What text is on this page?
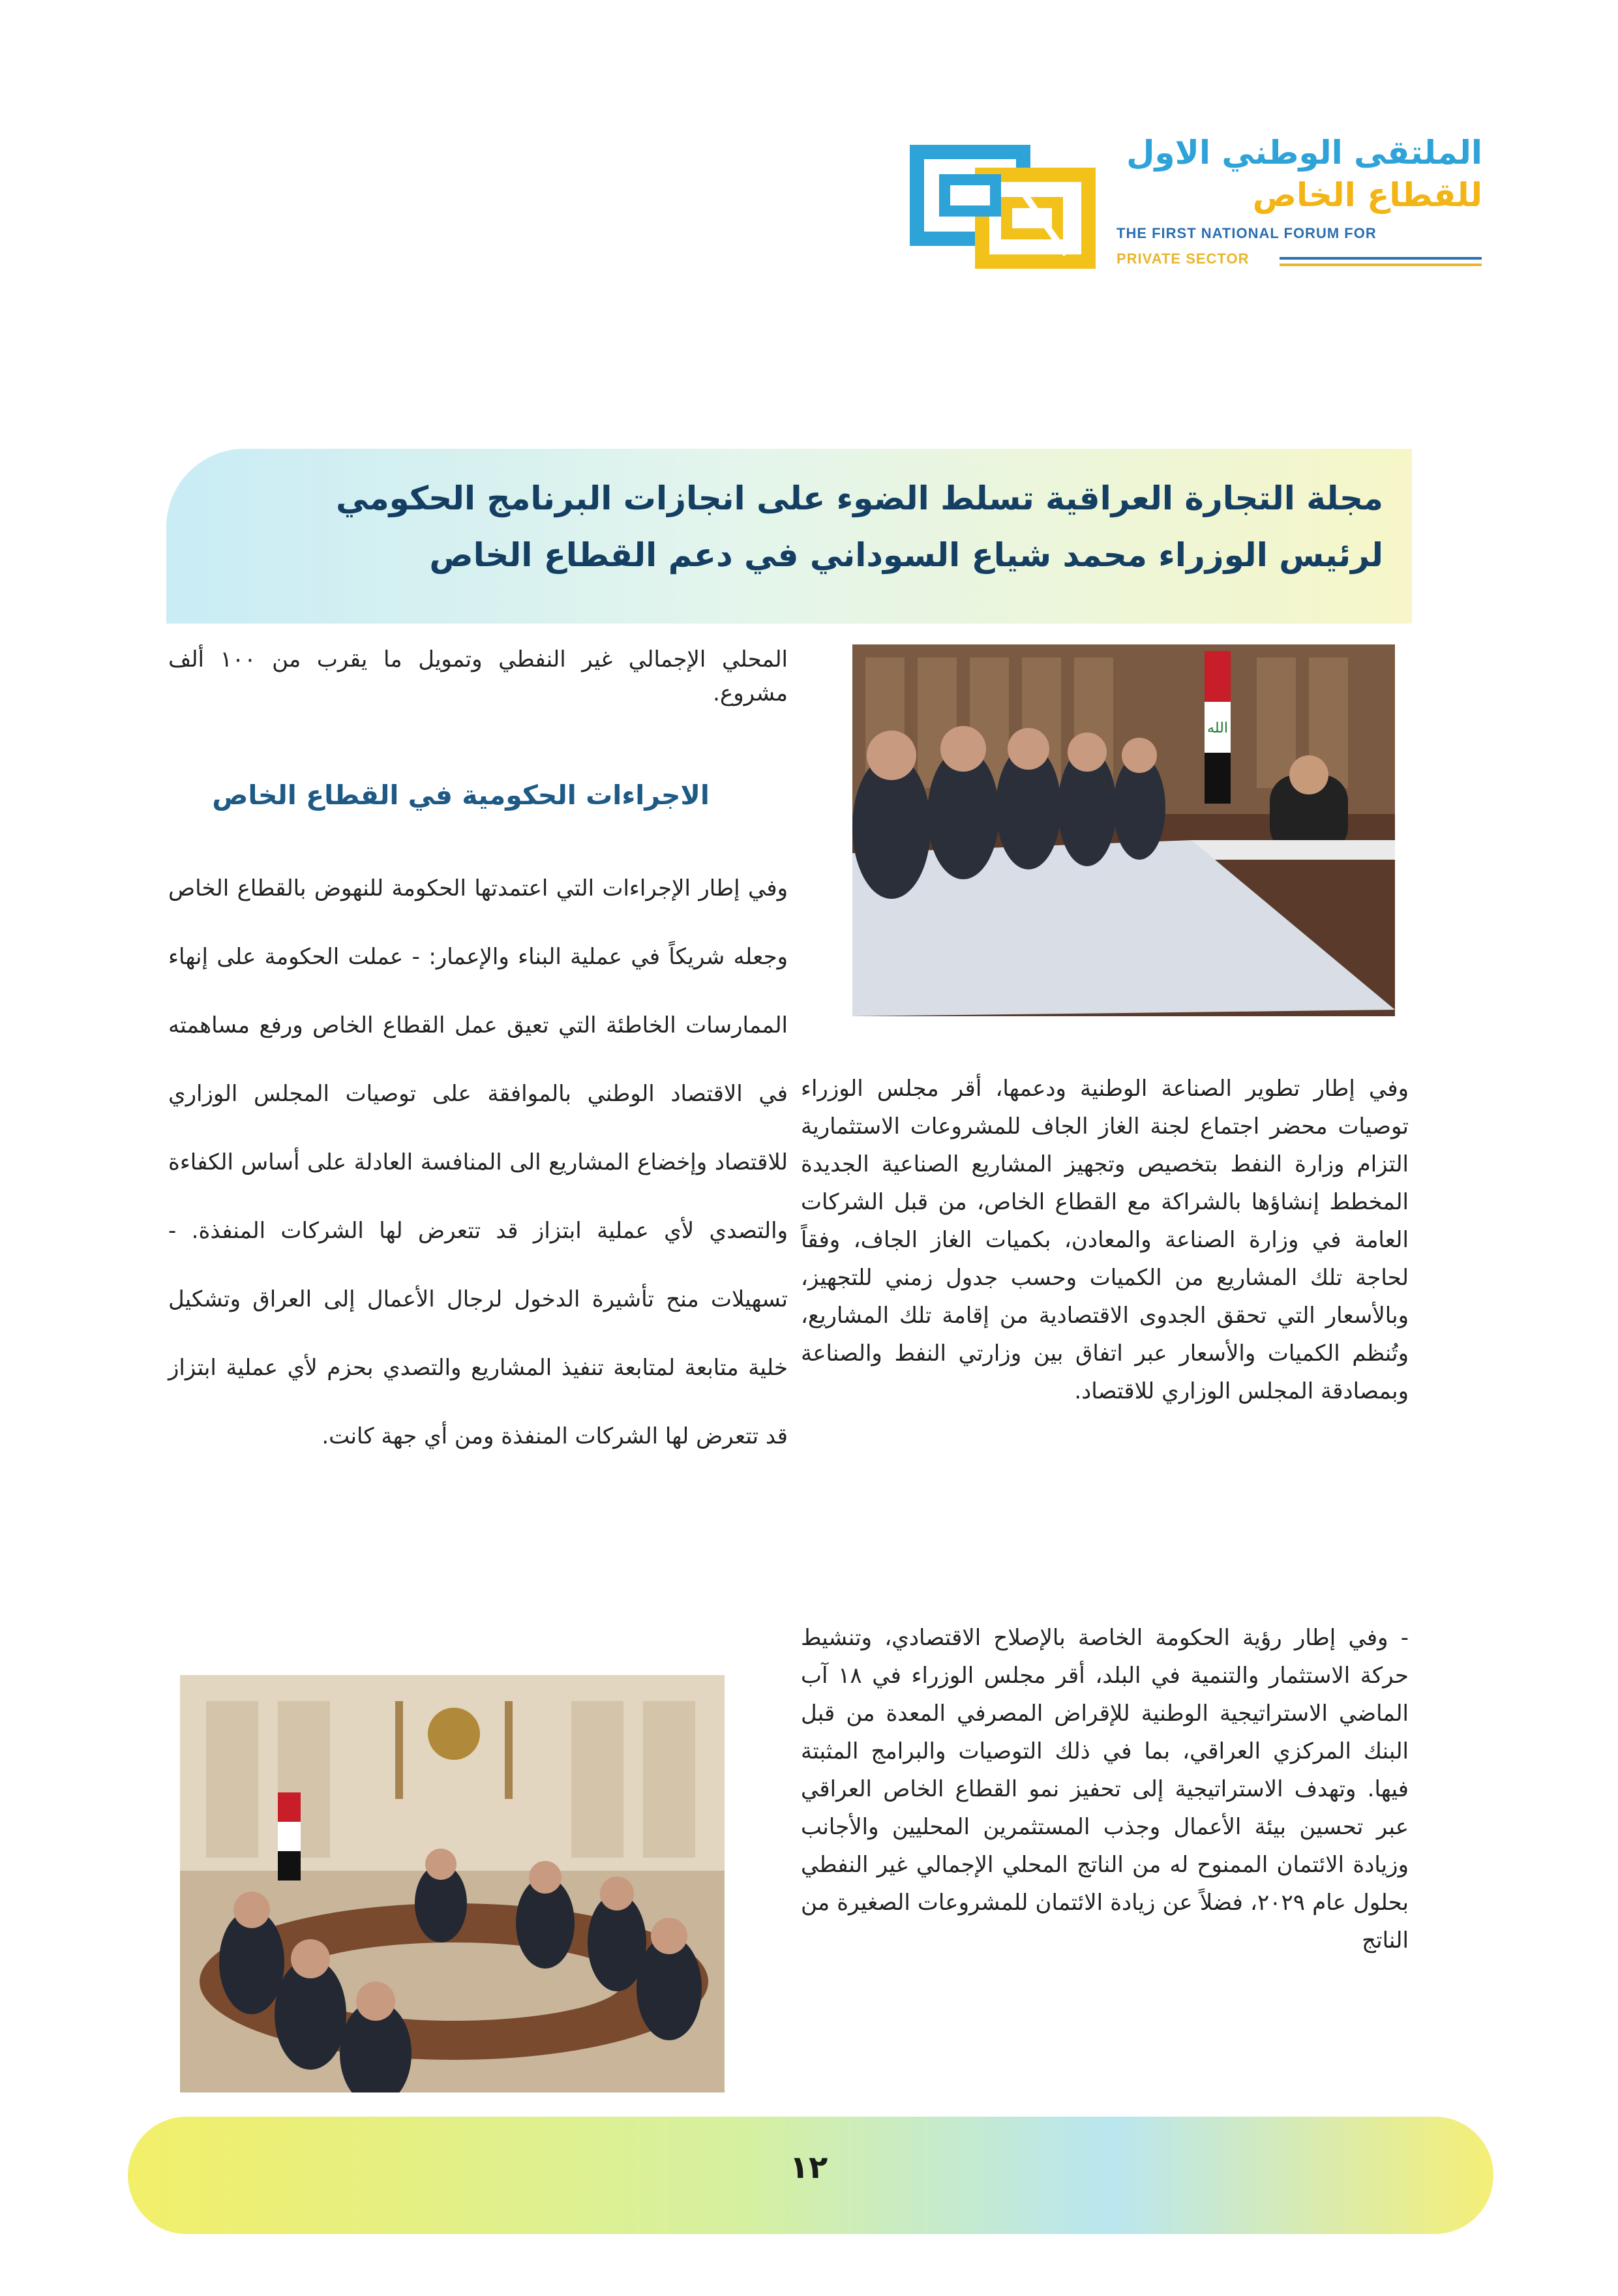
الملتقى الوطني الاول
للقطاع الخاص
THE FIRST NATIONAL FORUM FOR
PRIVATE SECTOR
مجلة التجارة العراقية تسلط الضوء على انجازات البرنامج الحكومي
لرئيس الوزراء محمد شياع السوداني في دعم القطاع الخاص
الله

المحلي الإجمالي غير النفطي وتمويل ما يقرب من ١٠٠ ألف مشروع.

الاجراءات الحكومية في القطاع الخاص

وفي إطار الإجراءات التي اعتمدتها الحكومة للنهوض بالقطاع الخاص وجعله شريكاً في عملية البناء والإعمار: - عملت الحكومة على إنهاء الممارسات الخاطئة التي تعيق عمل القطاع الخاص ورفع مساهمته في الاقتصاد الوطني بالموافقة على توصيات المجلس الوزاري للاقتصاد وإخضاع المشاريع الى المنافسة العادلة على أساس الكفاءة والتصدي لأي عملية ابتزاز قد تتعرض لها الشركات المنفذة. - تسهيلات منح تأشيرة الدخول لرجال الأعمال إلى العراق وتشكيل خلية متابعة لمتابعة تنفيذ المشاريع والتصدي بحزم لأي عملية ابتزاز قد تتعرض لها الشركات المنفذة ومن أي جهة كانت.

وفي إطار تطوير الصناعة الوطنية ودعمها، أقر مجلس الوزراء توصيات محضر اجتماع لجنة الغاز الجاف للمشروعات الاستثمارية التزام وزارة النفط بتخصيص وتجهيز المشاريع الصناعية الجديدة المخطط إنشاؤها بالشراكة مع القطاع الخاص، من قبل الشركات العامة في وزارة الصناعة والمعادن، بكميات الغاز الجاف، وفقاً لحاجة تلك المشاريع من الكميات وحسب جدول زمني للتجهيز، وبالأسعار التي تحقق الجدوى الاقتصادية من إقامة تلك المشاريع، وتُنظم الكميات والأسعار عبر اتفاق بين وزارتي النفط والصناعة وبمصادقة المجلس الوزاري للاقتصاد.

- وفي إطار رؤية الحكومة الخاصة بالإصلاح الاقتصادي، وتنشيط حركة الاستثمار والتنمية في البلد، أقر مجلس الوزراء في ١٨ آب الماضي الاستراتيجية الوطنية للإقراض المصرفي المعدة من قبل البنك المركزي العراقي، بما في ذلك التوصيات والبرامج المثبتة فيها. وتهدف الاستراتيجية إلى تحفيز نمو القطاع الخاص العراقي عبر تحسين بيئة الأعمال وجذب المستثمرين المحليين والأجانب وزيادة الائتمان الممنوح له من الناتج المحلي الإجمالي غير النفطي بحلول عام ٢٠٢٩، فضلاً عن زيادة الائتمان للمشروعات الصغيرة من الناتج

١٢
